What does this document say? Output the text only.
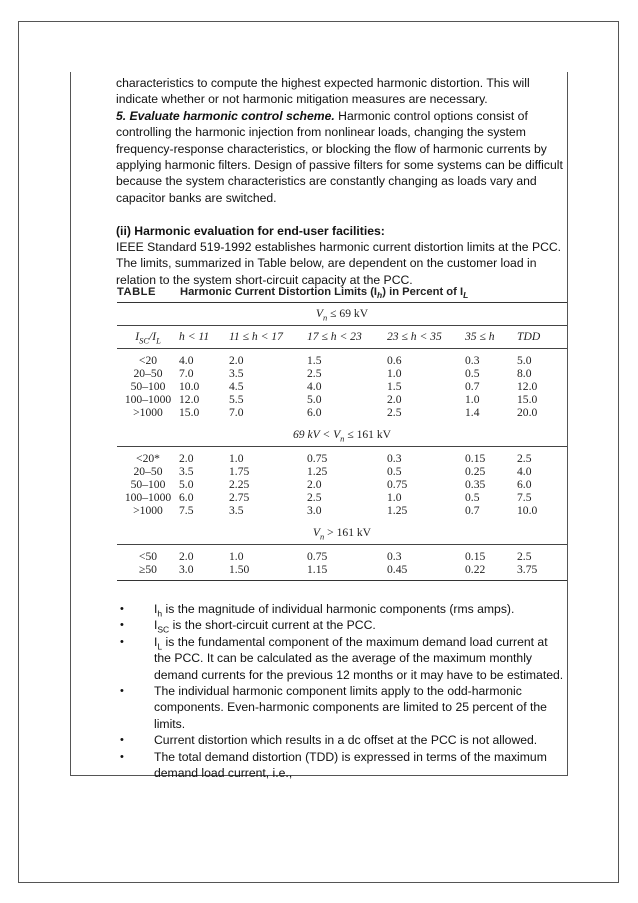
characteristics to compute the highest expected harmonic distortion. This will indicate whether or not harmonic mitigation measures are necessary.

5. Evaluate harmonic control scheme. Harmonic control options consist of controlling the harmonic injection from nonlinear loads, changing the system frequency-response characteristics, or blocking the flow of harmonic currents by applying harmonic filters. Design of passive filters for some systems can be difficult because the system characteristics are constantly changing as loads vary and capacitor banks are switched.

(ii) Harmonic evaluation for end-user facilities:

IEEE Standard 519-1992 establishes harmonic current distortion limits at the PCC.

The limits, summarized in Table below, are dependent on the customer load in relation to the system short-circuit capacity at the PCC.

TABLE	Harmonic Current Distortion Limits $(I_h)$ in Percent of $I_L$
$V_n \le 69$ kV						
$I_{SC}/I_L$	h < 11	11 ≤ h < 17	17 ≤ h < 23	23 ≤ h < 35	35 ≤ h	TDD

<20	4.0	2.0	1.5	0.6	0.3	5.0
20–50	7.0	3.5	2.5	1.0	0.5	8.0
50–100	10.0	4.5	4.0	1.5	0.7	12.0
100–1000	12.0	5.5	5.0	2.0	1.0	15.0
>1000	15.0	7.0	6.0	2.5	1.4	20.0

69 kV < $V_n \le 161$ kV						

<20*	2.0	1.0	0.75	0.3	0.15	2.5
20–50	3.5	1.75	1.25	0.5	0.25	4.0
50–100	5.0	2.25	2.0	0.75	0.35	6.0
100–1000	6.0	2.75	2.5	1.0	0.5	7.5
>1000	7.5	3.5	3.0	1.25	0.7	10.0

$V_n > 161$ kV						

<50	2.0	1.0	0.75	0.3	0.15	2.5
≥50	3.0	1.50	1.15	0.45	0.22	3.75

• $I_h$ is the magnitude of individual harmonic components (rms amps).
• $I_{SC}$ is the short-circuit current at the PCC.
• $I_L$ is the fundamental component of the maximum demand load current at the PCC. It can be calculated as the average of the maximum monthly demand currents for the previous 12 months or it may have to be estimated.
• The individual harmonic component limits apply to the odd-harmonic components. Even-harmonic components are limited to 25 percent of the limits.
• Current distortion which results in a dc offset at the PCC is not allowed.
• The total demand distortion (TDD) is expressed in terms of the maximum demand load current, i.e.,
